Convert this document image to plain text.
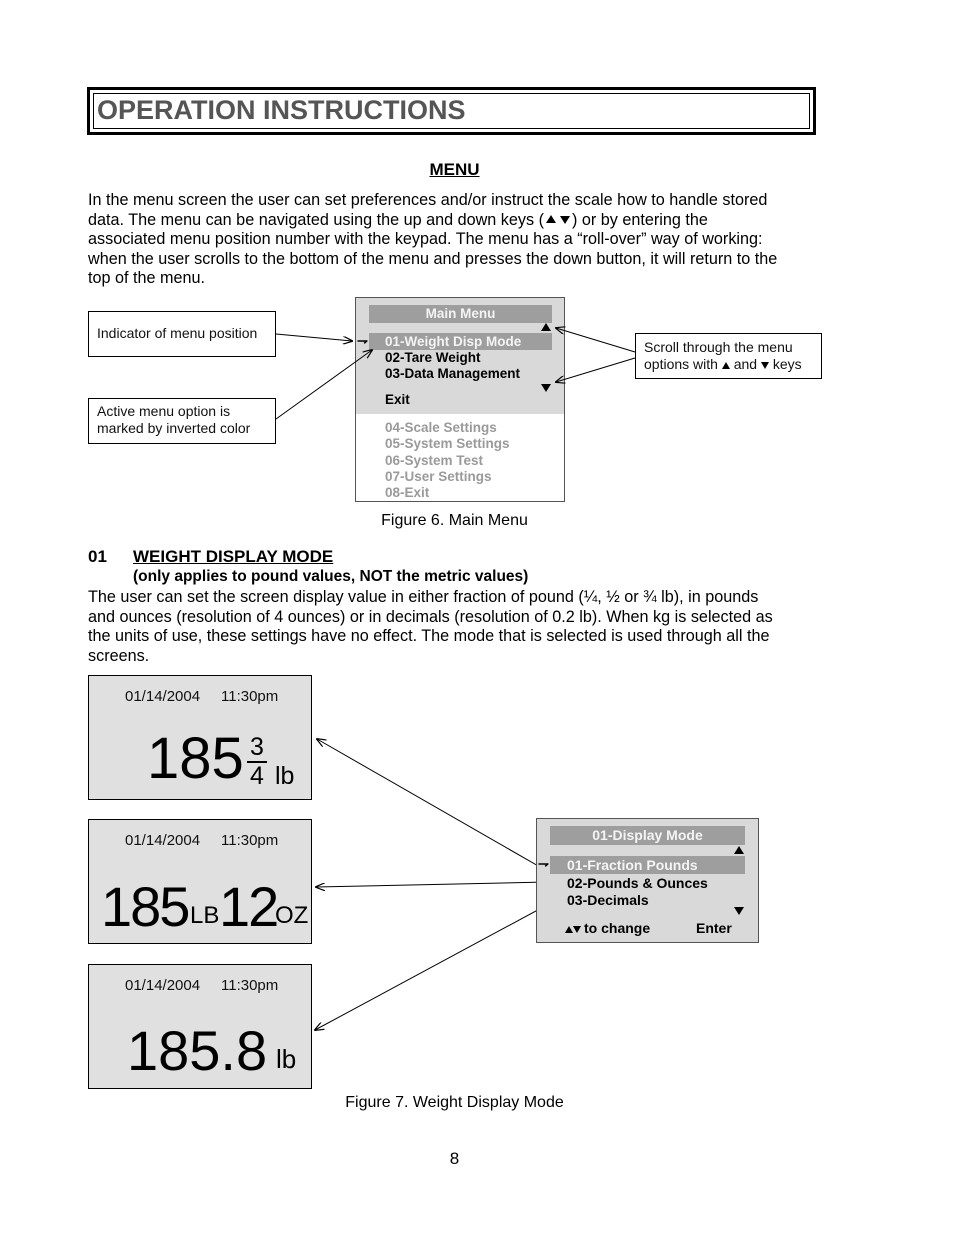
OPERATION INSTRUCTIONS
MENU
In the menu screen the user can set preferences and/or instruct the scale how to handle stored
data. The menu can be navigated using the up and down keys ( ) or by entering the
associated menu position number with the keypad. The menu has a “roll-over” way of working:
when the user scrolls to the bottom of the menu and presses the down button, it will return to the
top of the menu.
Indicator of menu position
Active menu option is
marked by inverted color
Scroll through the menu
options with and keys
Main Menu
⇁	01-Weight Disp Mode
02-Tare Weight
03-Data Management
Exit
04-Scale Settings
05-System Settings
06-System Test
07-User Settings
08-Exit
Figure 6. Main Menu
01 WEIGHT DISPLAY MODE
(only applies to pound values, NOT the metric values)
The user can set the screen display value in either fraction of pound (¼, ½ or ¾ lb), in pounds
and ounces (resolution of 4 ounces) or in decimals (resolution of 0.2 lb). When kg is selected as
the units of use, these settings have no effect. The mode that is selected is used through all the
screens.
01/14/2004 11:30pm
185 3
4 lb
01/14/2004 11:30pm
185 LB 12
OZ
01/14/2004 11:30pm
185.8 lb
01-Display Mode
⇁	01-Fraction Pounds
02-Pounds & Ounces
03-Decimals
to change	Enter
Figure 7. Weight Display Mode
8
